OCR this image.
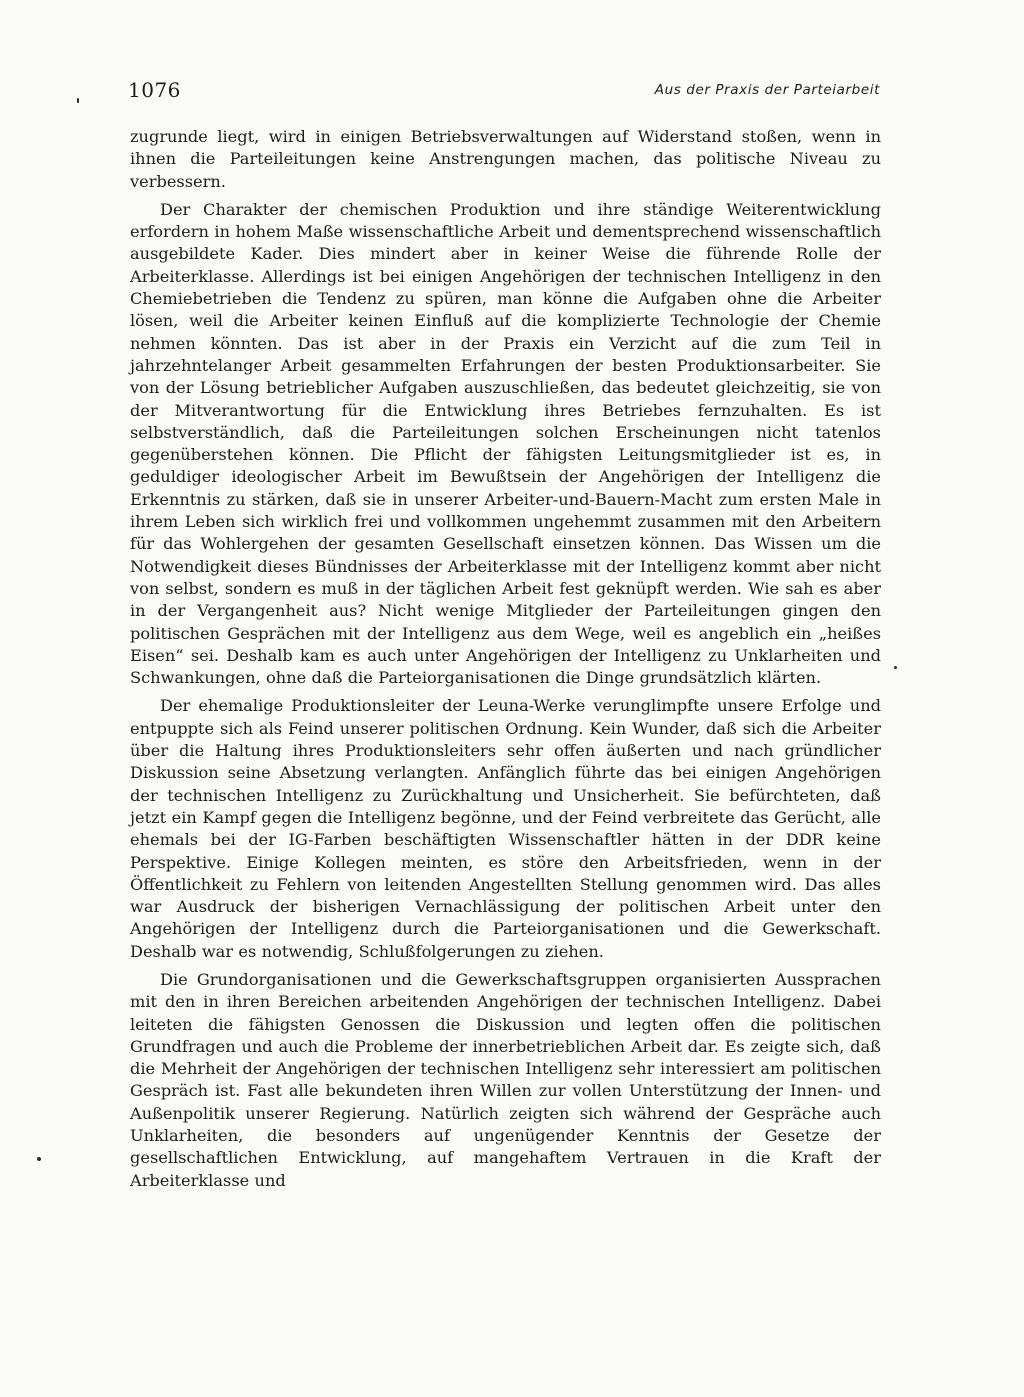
1076	Aus der Praxis der Parteiarbeit

zugrunde liegt, wird in einigen Betriebsverwaltungen auf Widerstand stoßen, wenn in ihnen die Parteileitungen keine Anstrengungen machen, das politische Niveau zu verbessern.

Der Charakter der chemischen Produktion und ihre ständige Weiterentwicklung erfordern in hohem Maße wissenschaftliche Arbeit und dementsprechend wissenschaftlich ausgebildete Kader. Dies mindert aber in keiner Weise die führende Rolle der Arbeiterklasse. Allerdings ist bei einigen Angehörigen der technischen Intelligenz in den Chemiebetrieben die Tendenz zu spüren, man könne die Aufgaben ohne die Arbeiter lösen, weil die Arbeiter keinen Einfluß auf die komplizierte Technologie der Chemie nehmen könnten. Das ist aber in der Praxis ein Verzicht auf die zum Teil in jahrzehntelanger Arbeit gesammelten Erfahrungen der besten Produktionsarbeiter. Sie von der Lösung betrieblicher Aufgaben auszuschließen, das bedeutet gleichzeitig, sie von der Mitverantwortung für die Entwicklung ihres Betriebes fernzuhalten. Es ist selbstverständlich, daß die Parteileitungen solchen Erscheinungen nicht tatenlos gegenüberstehen können. Die Pflicht der fähigsten Leitungsmitglieder ist es, in geduldiger ideologischer Arbeit im Bewußtsein der Angehörigen der Intelligenz die Erkenntnis zu stärken, daß sie in unserer Arbeiter-und-Bauern-Macht zum ersten Male in ihrem Leben sich wirklich frei und vollkommen ungehemmt zusammen mit den Arbeitern für das Wohlergehen der gesamten Gesellschaft einsetzen können. Das Wissen um die Notwendigkeit dieses Bündnisses der Arbeiterklasse mit der Intelligenz kommt aber nicht von selbst, sondern es muß in der täglichen Arbeit fest geknüpft werden. Wie sah es aber in der Vergangenheit aus? Nicht wenige Mitglieder der Parteileitungen gingen den politischen Gesprächen mit der Intelligenz aus dem Wege, weil es angeblich ein „heißes Eisen“ sei. Deshalb kam es auch unter Angehörigen der Intelligenz zu Unklarheiten und Schwankungen, ohne daß die Parteiorganisationen die Dinge grundsätzlich klärten.

Der ehemalige Produktionsleiter der Leuna-Werke verunglimpfte unsere Erfolge und entpuppte sich als Feind unserer politischen Ordnung. Kein Wunder, daß sich die Arbeiter über die Haltung ihres Produktionsleiters sehr offen äußerten und nach gründlicher Diskussion seine Absetzung verlangten. Anfänglich führte das bei einigen Angehörigen der technischen Intelligenz zu Zurückhaltung und Unsicherheit. Sie befürchteten, daß jetzt ein Kampf gegen die Intelligenz begönne, und der Feind verbreitete das Gerücht, alle ehemals bei der IG-Farben beschäftigten Wissenschaftler hätten in der DDR keine Perspektive. Einige Kollegen meinten, es störe den Arbeitsfrieden, wenn in der Öffentlichkeit zu Fehlern von leitenden Angestellten Stellung genommen wird. Das alles war Ausdruck der bisherigen Vernachlässigung der politischen Arbeit unter den Angehörigen der Intelligenz durch die Parteiorganisationen und die Gewerkschaft. Deshalb war es notwendig, Schlußfolgerungen zu ziehen.

Die Grundorganisationen und die Gewerkschaftsgruppen organisierten Aussprachen mit den in ihren Bereichen arbeitenden Angehörigen der technischen Intelligenz. Dabei leiteten die fähigsten Genossen die Diskussion und legten offen die politischen Grundfragen und auch die Probleme der innerbetrieblichen Arbeit dar. Es zeigte sich, daß die Mehrheit der Angehörigen der technischen Intelligenz sehr interessiert am politischen Gespräch ist. Fast alle bekundeten ihren Willen zur vollen Unterstützung der Innen- und Außenpolitik unserer Regierung. Natürlich zeigten sich während der Gespräche auch Unklarheiten, die besonders auf ungenügender Kenntnis der Gesetze der gesellschaftlichen Entwicklung, auf mangehaftem Vertrauen in die Kraft der Arbeiterklasse und
